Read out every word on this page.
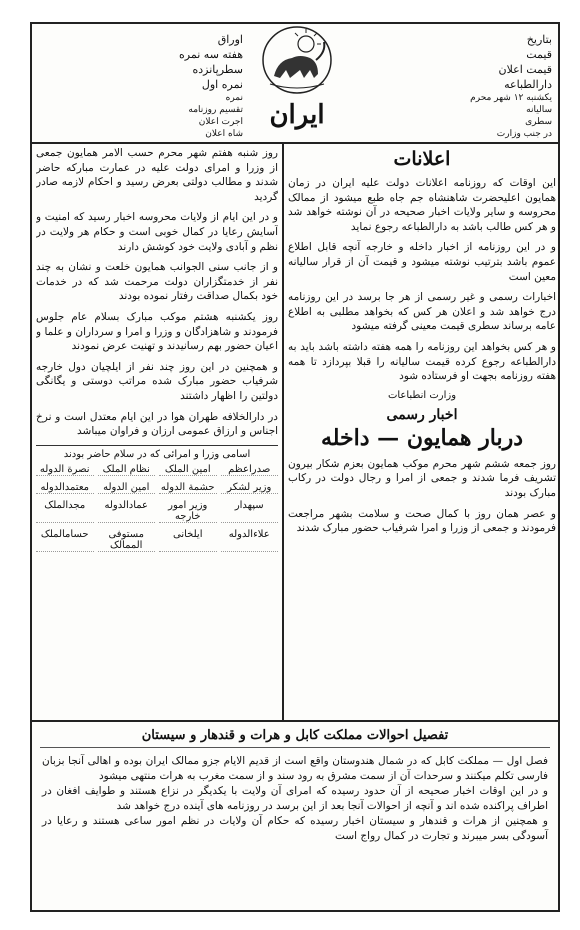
اوراق
هفته سه نمره
سطرپانزده
نمره اول
نمره
تقسیم روزنامه
اجرت اعلان
شاه اعلان
ایران
بتاریخ
قیمت
قیمت اعلان
دارالطباعه
یکشنبه ۱۲ شهر محرم
سالیانه
سطری
در جنب وزارت
اعلانات

این اوقات که روزنامه اعلانات دولت علیه ایران در زمان همایون اعلیحضرت شاهنشاه جم جاه طبع میشود از ممالک محروسه و سایر ولایات اخبار صحیحه در آن نوشته خواهد شد و هر کس طالب باشد به دارالطباعه رجوع نماید

و در این روزنامه از اخبار داخله و خارجه آنچه قابل اطلاع عموم باشد بترتیب نوشته میشود و قیمت آن از قرار سالیانه معین است

اخبارات رسمی و غیر رسمی از هر جا برسد در این روزنامه درج خواهد شد و اعلان هر کس که بخواهد مطلبی به اطلاع عامه برساند سطری قیمت معینی گرفته میشود

و هر کس بخواهد این روزنامه را همه هفته داشته باشد باید به دارالطباعه رجوع کرده قیمت سالیانه را قبلا بپردازد تا همه هفته روزنامه بجهت او فرستاده شود

وزارت انطباعات
اخبار رسمی
دربار همایون — داخله

روز جمعه ششم شهر محرم موکب همایون بعزم شکار بیرون تشریف فرما شدند و جمعی از امرا و رجال دولت در رکاب مبارک بودند

و عصر همان روز با کمال صحت و سلامت بشهر مراجعت فرمودند و جمعی از وزرا و امرا شرفیاب حضور مبارک شدند

روز شنبه هفتم شهر محرم حسب الامر همایون جمعی از وزرا و امرای دولت علیه در عمارت مبارکه حاضر شدند و مطالب دولتی بعرض رسید و احکام لازمه صادر گردید

و در این ایام از ولایات محروسه اخبار رسید که امنیت و آسایش رعایا در کمال خوبی است و حکام هر ولایت در نظم و آبادی ولایت خود کوشش دارند

و از جانب سنی الجوانب همایون خلعت و نشان به چند نفر از خدمتگزاران دولت مرحمت شد که در خدمات خود بکمال صداقت رفتار نموده بودند

روز یکشنبه هشتم موکب مبارک بسلام عام جلوس فرمودند و شاهزادگان و وزرا و امرا و سرداران و علما و اعیان حضور بهم رسانیدند و تهنیت عرض نمودند

و همچنین در این روز چند نفر از ایلچیان دول خارجه شرفیاب حضور مبارک شده مراتب دوستی و یگانگی دولتین را اظهار داشتند

در دارالخلافه طهران هوا در این ایام معتدل است و نرخ اجناس و ارزاق عمومی ارزان و فراوان میباشد

اسامی وزرا و امرائی که در سلام حاضر بودند
صدراعظم
امین الملک
نظام الملک
نصرة الدوله
وزیر لشکر
حشمة الدوله
امین الدوله
معتمدالدوله
سپهدار
وزیر امور خارجه
عمادالدوله
مجدالملک
علاءالدوله
ایلخانی
مستوفی الممالک
حسامالملک
تفصیل احوالات مملکت کابل و هرات و قندهار و سیستان

فصل اول — مملکت کابل که در شمال هندوستان واقع است از قدیم الایام جزو ممالک ایران بوده و اهالی آنجا بزبان فارسی تکلم میکنند و سرحدات آن از سمت مشرق به رود سند و از سمت مغرب به هرات منتهی میشود

و در این اوقات اخبار صحیحه از آن حدود رسیده که امرای آن ولایت با یکدیگر در نزاع هستند و طوایف افغان در اطراف پراکنده شده اند و آنچه از احوالات آنجا بعد از این برسد در روزنامه های آینده درج خواهد شد

و همچنین از هرات و قندهار و سیستان اخبار رسیده که حکام آن ولایات در نظم امور ساعی هستند و رعایا در آسودگی بسر میبرند و تجارت در کمال رواج است
